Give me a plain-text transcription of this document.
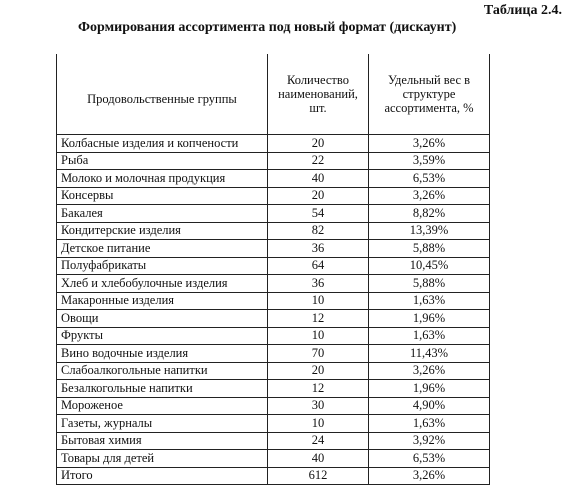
Таблица 2.4.
Формирования ассортимента под новый формат (дискаунт)
Продовольственные группы	Количество наименований, шт.	Удельный вес в структуре ассортимента, %
Колбасные изделия и копчености	20	3,26%
Рыба	22	3,59%
Молоко и молочная продукция	40	6,53%
Консервы	20	3,26%
Бакалея	54	8,82%
Кондитерские изделия	82	13,39%
Детское питание	36	5,88%
Полуфабрикаты	64	10,45%
Хлеб и хлебобулочные изделия	36	5,88%
Макаронные изделия	10	1,63%
Овощи	12	1,96%
Фрукты	10	1,63%
Вино водочные изделия	70	11,43%
Слабоалкогольные напитки	20	3,26%
Безалкогольные напитки	12	1,96%
Мороженое	30	4,90%
Газеты, журналы	10	1,63%
Бытовая химия	24	3,92%
Товары для детей	40	6,53%
Итого	612	3,26%
